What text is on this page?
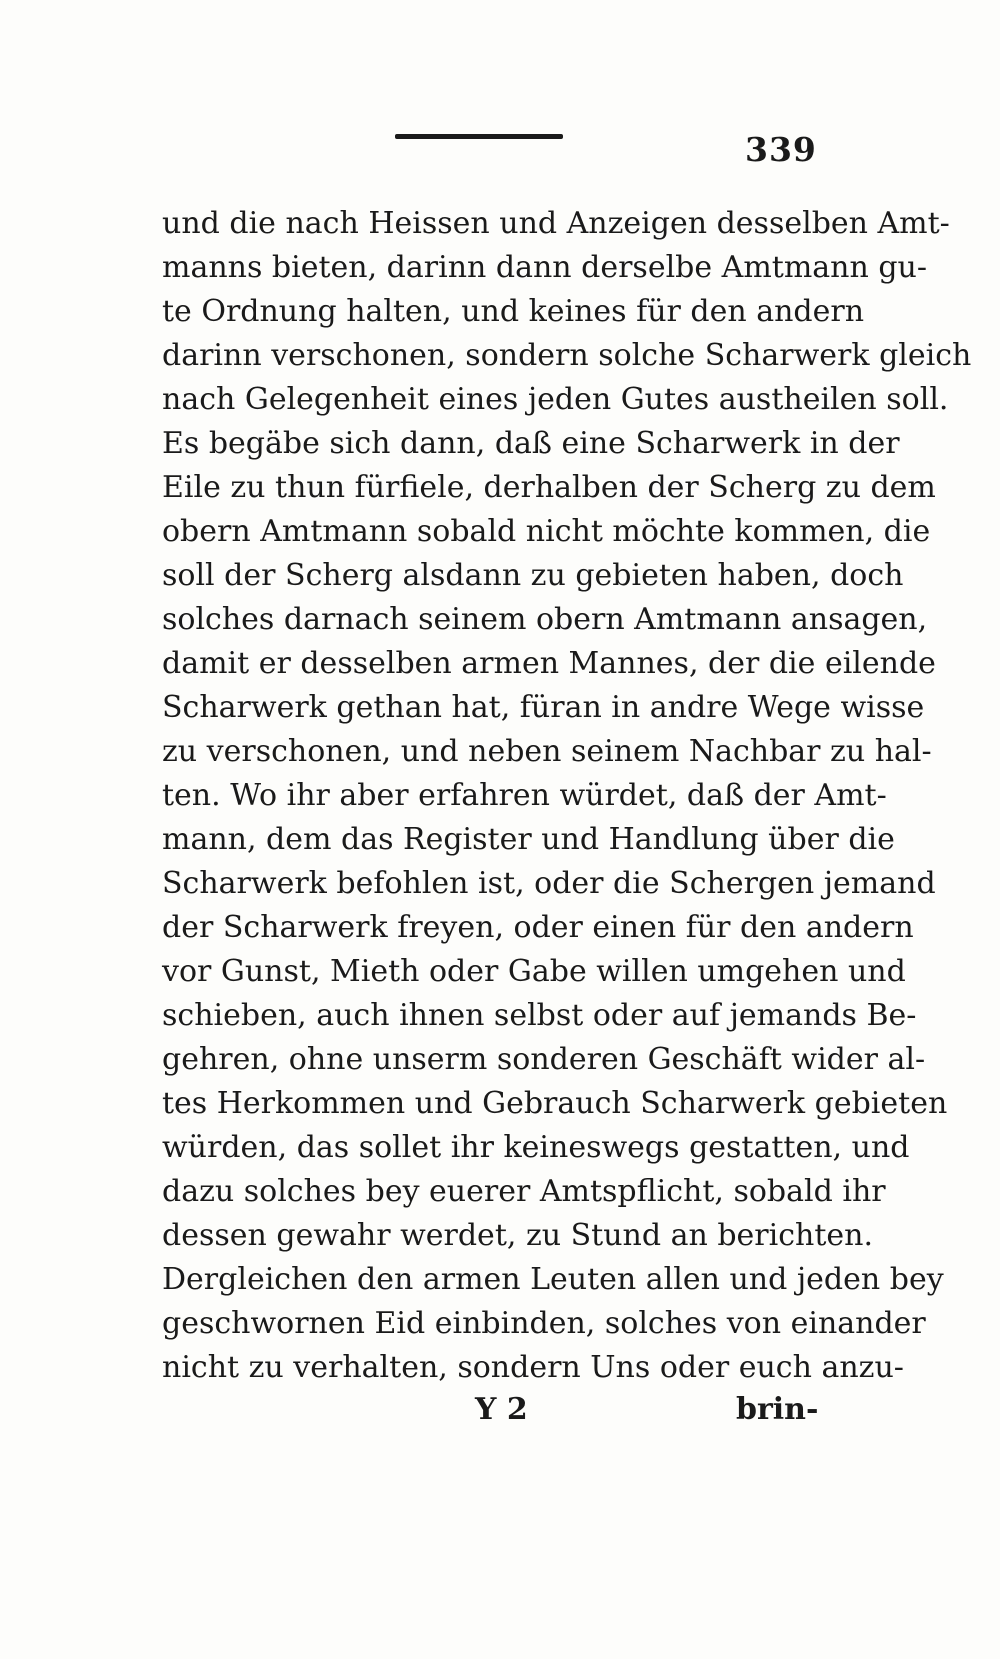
339
und die nach Heissen und Anzeigen desselben Amt-
manns bieten, darinn dann derselbe Amtmann gu-
te Ordnung halten, und keines für den andern
darinn verschonen, sondern solche Scharwerk gleich
nach Gelegenheit eines jeden Gutes austheilen soll.
Es begäbe sich dann, daß eine Scharwerk in der
Eile zu thun fürfiele, derhalben der Scherg zu dem
obern Amtmann sobald nicht möchte kommen, die
soll der Scherg alsdann zu gebieten haben, doch
solches darnach seinem obern Amtmann ansagen,
damit er desselben armen Mannes, der die eilende
Scharwerk gethan hat, füran in andre Wege wisse
zu verschonen, und neben seinem Nachbar zu hal-
ten. Wo ihr aber erfahren würdet, daß der Amt-
mann, dem das Register und Handlung über die
Scharwerk befohlen ist, oder die Schergen jemand
der Scharwerk freyen, oder einen für den andern
vor Gunst, Mieth oder Gabe willen umgehen und
schieben, auch ihnen selbst oder auf jemands Be-
gehren, ohne unserm sonderen Geschäft wider al-
tes Herkommen und Gebrauch Scharwerk gebieten
würden, das sollet ihr keineswegs gestatten, und
dazu solches bey euerer Amtspflicht, sobald ihr
dessen gewahr werdet, zu Stund an berichten.
Dergleichen den armen Leuten allen und jeden bey
geschwornen Eid einbinden, solches von einander
nicht zu verhalten, sondern Uns oder euch anzu-
Y 2	brin-
